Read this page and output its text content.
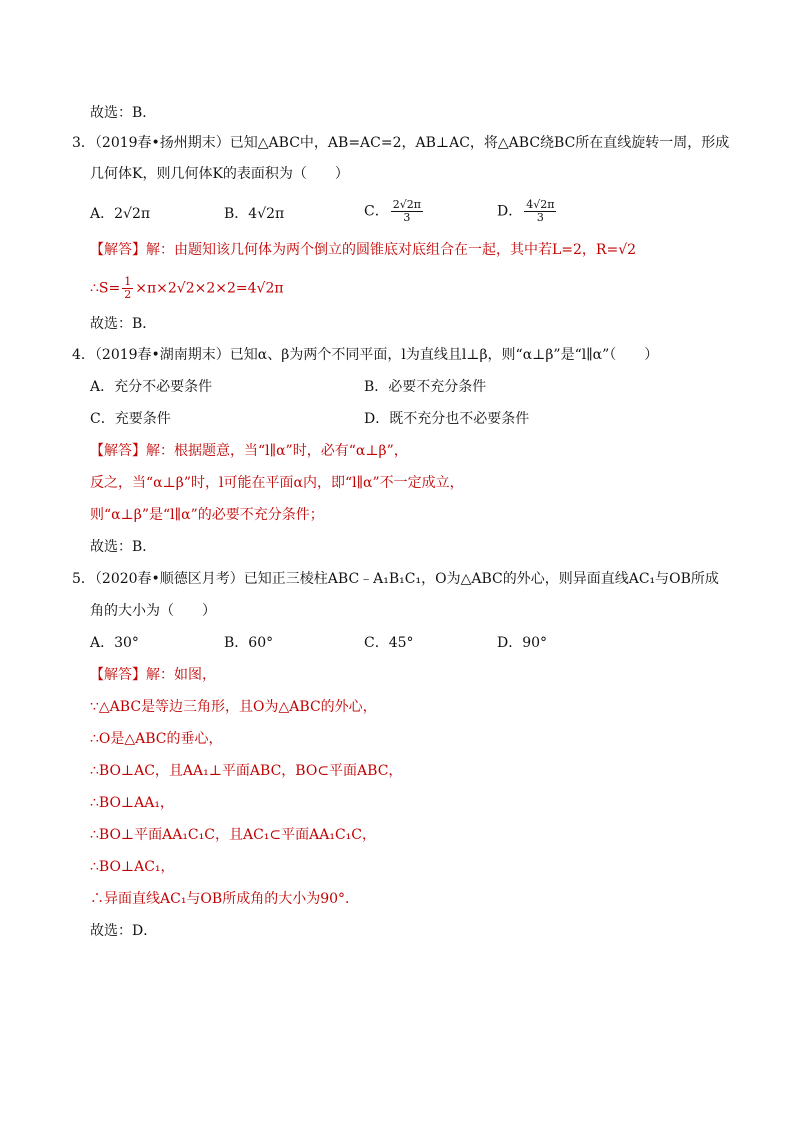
故选：B．
3．（2019春•扬州期末）已知△ABC中，AB=AC=2，AB⊥AC，将△ABC绕BC所在直线旋转一周，形成
几何体K，则几何体K的表面积为（　　）
A．2√2π	B．4√2π	C． $\frac{2√2\pi}{3}$	D． $\frac{4√2\pi}{3}$
【解答】解：由题知该几何体为两个倒立的圆锥底对底组合在一起，其中若L=2，R=√2
∴S= $\frac{1}{2} \times\pi\times 2√2\times 2\times 2=4√2\pi$
故选：B．
4．（2019春•湖南期末）已知α、β为两个不同平面，l为直线且l⊥β，则“α⊥β”是“l∥α”（　　）
A．充分不必要条件	B．必要不充分条件
C．充要条件	D．既不充分也不必要条件
【解答】解：根据题意，当“l∥α”时，必有“α⊥β”，
反之，当“α⊥β”时，l可能在平面α内，即“l∥α”不一定成立，
则“α⊥β”是“l∥α”的必要不充分条件；
故选：B．
5．（2020春•顺德区月考）已知正三棱柱ABC﹣A₁B₁C₁，O为△ABC的外心，则异面直线AC₁与OB所成
角的大小为（　　）
A．30°	B．60°	C．45°	D．90°
【解答】解：如图，
∵△ABC是等边三角形，且O为△ABC的外心，
∴O是△ABC的垂心，
∴BO⊥AC，且AA₁⊥平面ABC，BO⊂平面ABC，
∴BO⊥AA₁，
∴BO⊥平面AA₁C₁C，且AC₁⊂平面AA₁C₁C，
∴BO⊥AC₁，
∴异面直线AC₁与OB所成角的大小为90°．
故选：D．
